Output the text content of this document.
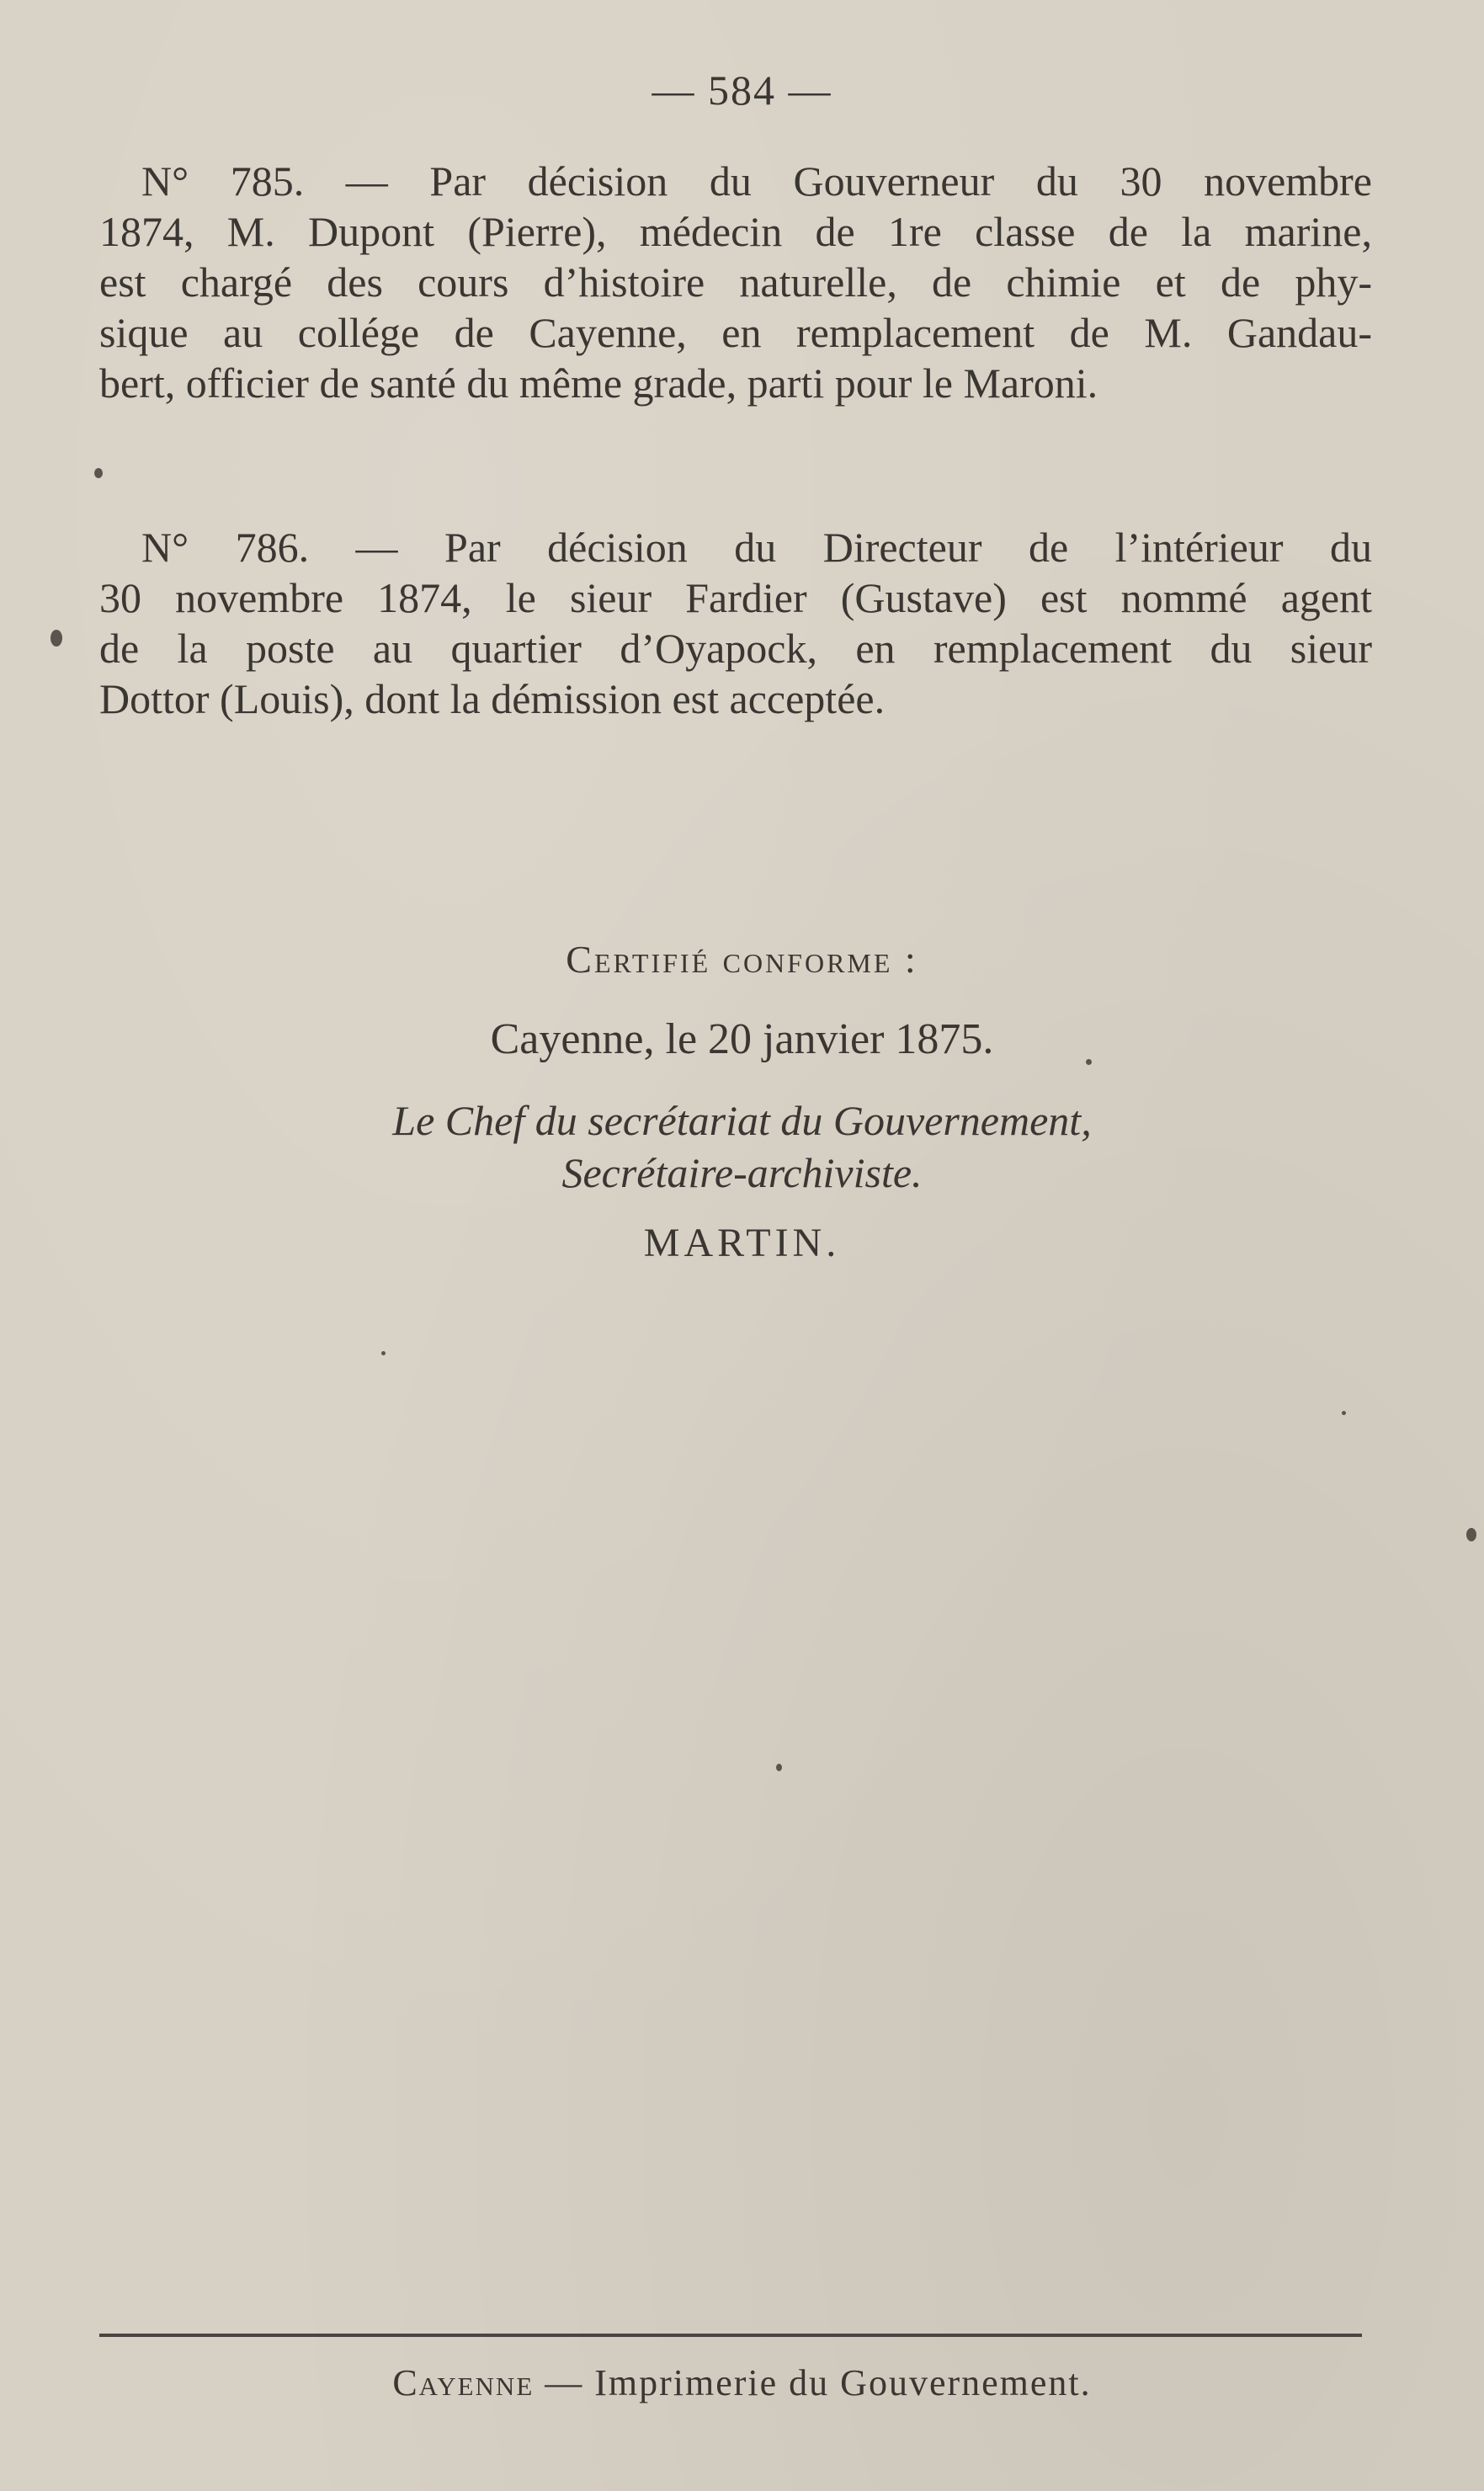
— 584 —
N° 785. — Par décision du Gouverneur du 30 novembre
1874, M. Dupont (Pierre), médecin de 1re classe de la marine,
est chargé des cours d’histoire naturelle, de chimie et de phy-
sique au collége de Cayenne, en remplacement de M. Gandau-
bert, officier de santé du même grade, parti pour le Maroni.
N° 786. — Par décision du Directeur de l’intérieur du
30 novembre 1874, le sieur Fardier (Gustave) est nommé agent
de la poste au quartier d’Oyapock, en remplacement du sieur
Dottor (Louis), dont la démission est acceptée.
Certifié conforme :
Cayenne, le 20 janvier 1875.
Le Chef du secrétariat du Gouvernement,
Secrétaire-archiviste.
MARTIN.
Cayenne — Imprimerie du Gouvernement.
